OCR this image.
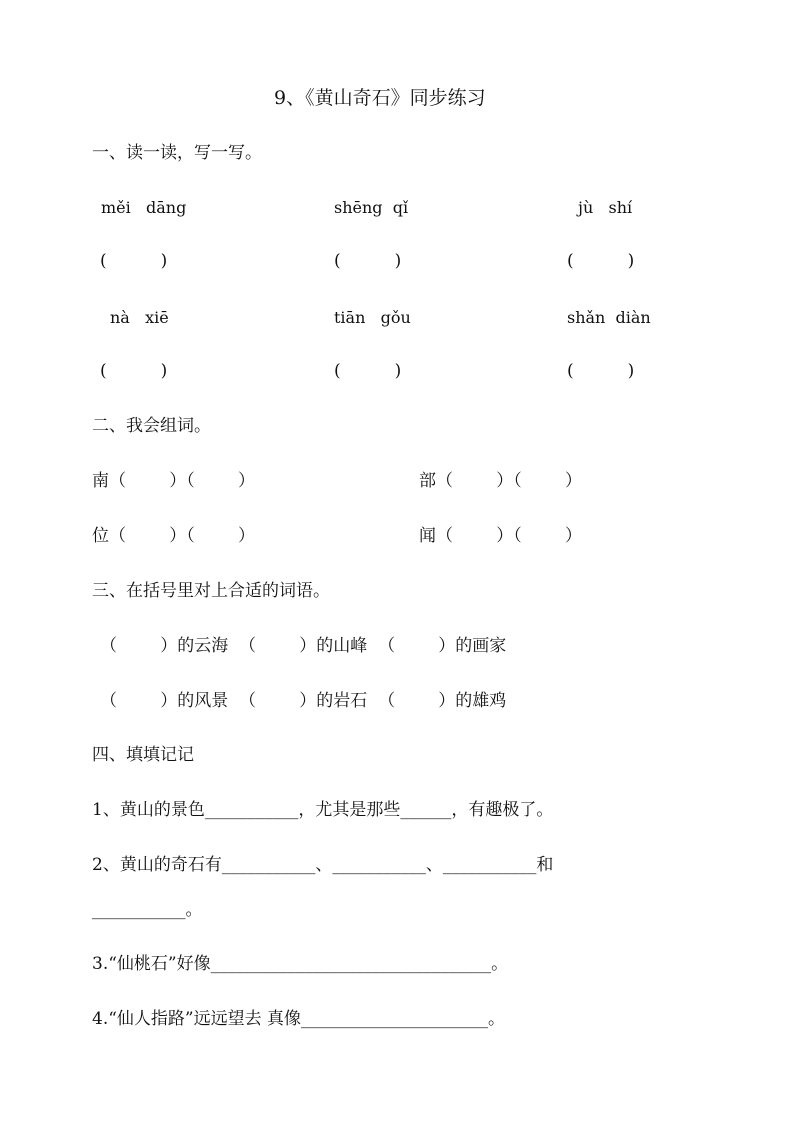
9、《黄山奇石》同步练习
一、读一读，写一写。
měi   dāng	shēng  qǐ	jù   shí
(          )	(          )	(          )
nà   xiē	tiān   gǒu	shǎn  diàn
(          )	(          )	(          )
二、我会组词。
南（        ）（        ）	部（        ）（        ）
位（        ）（        ）	闻（        ）（        ）
三、在括号里对上合适的词语。
（        ）的云海  （        ）的山峰  （        ）的画家
（        ）的风景  （        ）的岩石  （        ）的雄鸡
四、填填记记
1、黄山的景色___________，尤其是那些______，有趣极了。
2、黄山的奇石有___________、___________、___________和
___________。
3.“仙桃石”好像_________________________________。
4.“仙人指路”远远望去 真像______________________。
